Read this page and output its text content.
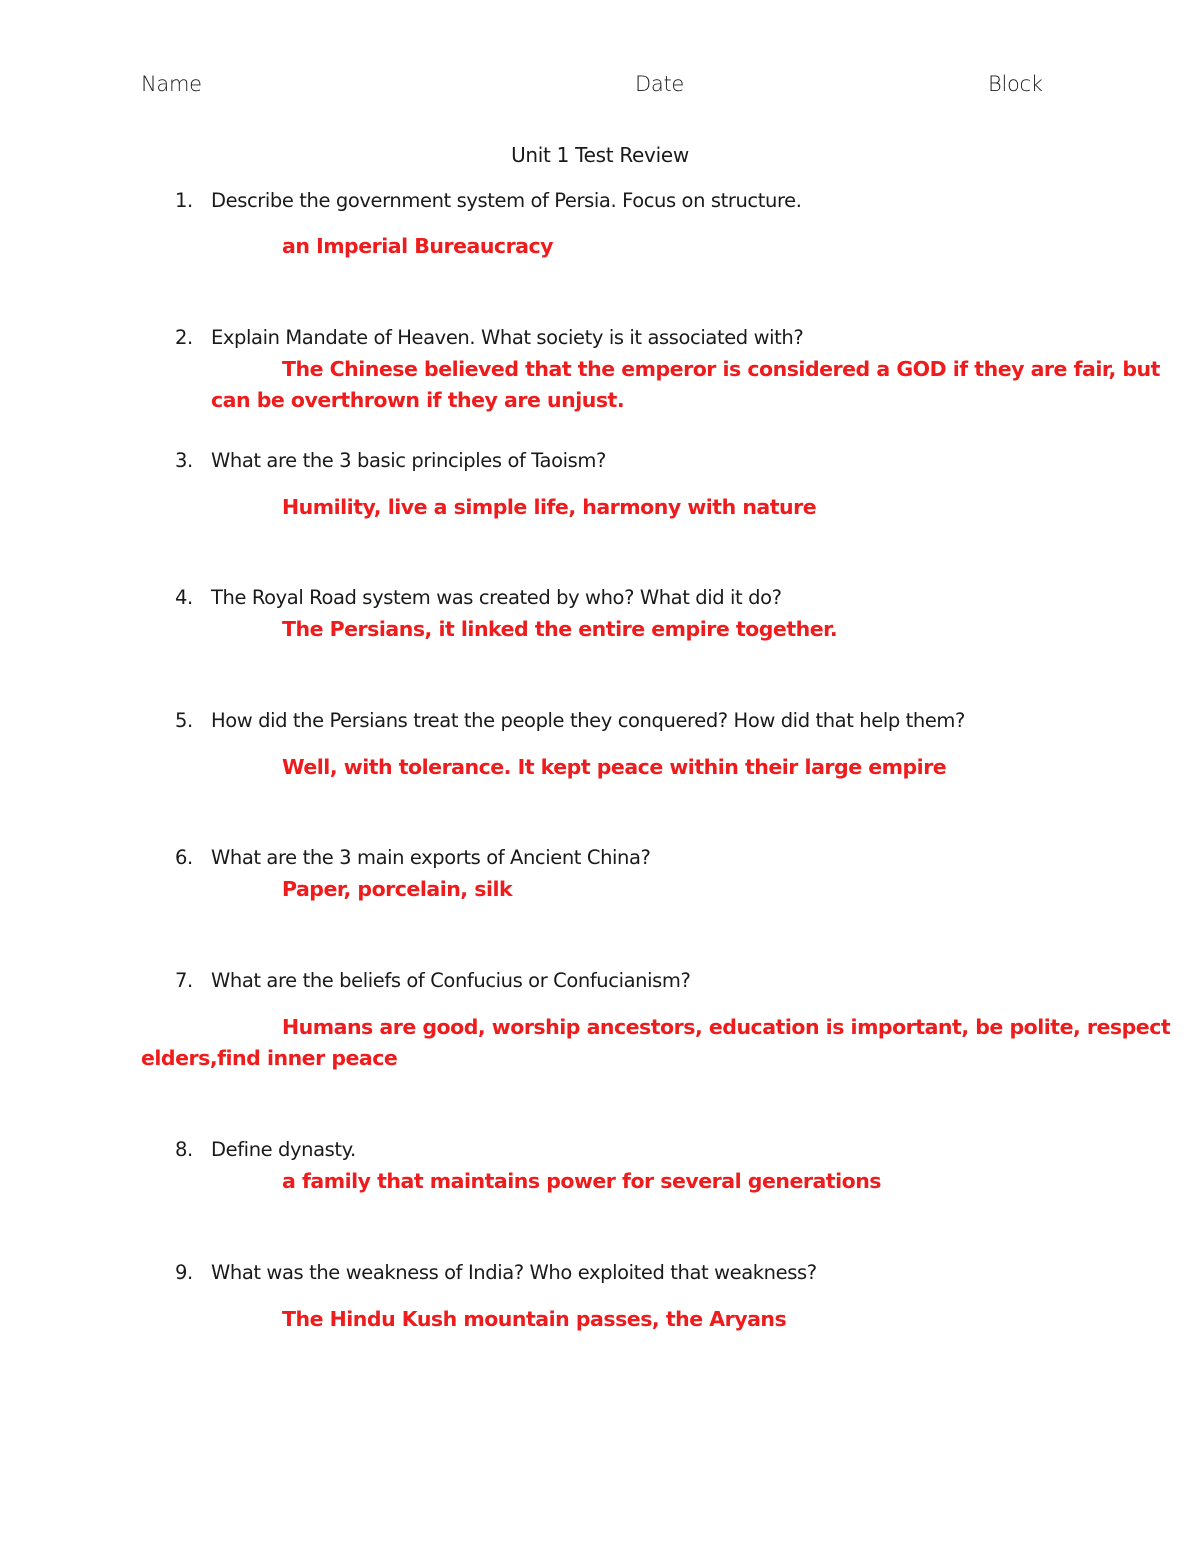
Name	Date	Block
Unit 1 Test Review
1. Describe the government system of Persia. Focus on structure.
an Imperial Bureaucracy
2. Explain Mandate of Heaven. What society is it associated with?
The Chinese believed that the emperor is considered a GOD if they are fair, but
can be overthrown if they are unjust.
3. What are the 3 basic principles of Taoism?
Humility, live a simple life, harmony with nature
4. The Royal Road system was created by who? What did it do?
The Persians, it linked the entire empire together.
5. How did the Persians treat the people they conquered? How did that help them?
Well, with tolerance. It kept peace within their large empire
6. What are the 3 main exports of Ancient China?
Paper, porcelain, silk
7. What are the beliefs of Confucius or Confucianism?
Humans are good, worship ancestors, education is important, be polite, respect
elders,find inner peace
8. Define dynasty.
a family that maintains power for several generations
9. What was the weakness of India? Who exploited that weakness?
The Hindu Kush mountain passes, the Aryans
